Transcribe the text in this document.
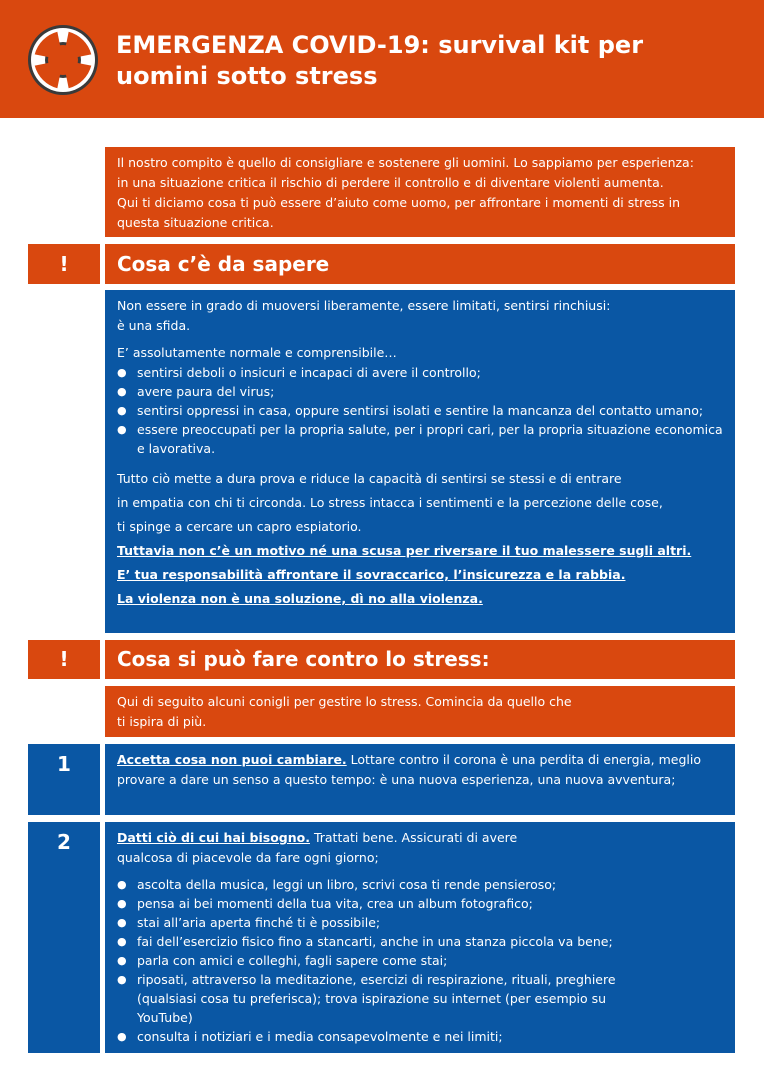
EMERGENZA COVID-19: survival kit per uomini sotto stress

Il nostro compito è quello di consigliare e sostenere gli uomini. Lo sappiamo per esperienza:

in una situazione critica il rischio di perdere il controllo e di diventare violenti aumenta.

Qui ti diciamo cosa ti può essere d’aiuto come uomo, per affrontare i momenti di stress in

questa situazione critica.

!	Cosa c’è da sapere

Non essere in grado di muoversi liberamente, essere limitati, sentirsi rinchiusi:

è una sfida.

E’ assolutamente normale e comprensibile…

● sentirsi deboli o insicuri e incapaci di avere il controllo;
● avere paura del virus;
● sentirsi oppressi in casa, oppure sentirsi isolati e sentire la mancanza del contatto umano;
● essere preoccupati per la propria salute, per i propri cari, per la propria situazione economica e lavorativa.

Tutto ciò mette a dura prova e riduce la capacità di sentirsi se stessi e di entrare

in empatia con chi ti circonda. Lo stress intacca i sentimenti e la percezione delle cose,

ti spinge a cercare un capro espiatorio.

Tuttavia non c’è un motivo né una scusa per riversare il tuo malessere sugli altri.

E’ tua responsabilità affrontare il sovraccarico, l’insicurezza e la rabbia.

La violenza non è una soluzione, dì no alla violenza.

!	Cosa si può fare contro lo stress:

Qui di seguito alcuni conigli per gestire lo stress. Comincia da quello che

ti ispira di più.

1	Accetta cosa non puoi cambiare. Lottare contro il corona è una perdita di energia, meglio provare a dare un senso a questo tempo: è una nuova esperienza, una nuova avventura;

2	Datti ciò di cui hai bisogno. Trattati bene. Assicurati di avere qualcosa di piacevole da fare ogni giorno;

● ascolta della musica, leggi un libro, scrivi cosa ti rende pensieroso;
● pensa ai bei momenti della tua vita, crea un album fotografico;
● stai all’aria aperta finché ti è possibile;
● fai dell’esercizio fisico fino a stancarti, anche in una stanza piccola va bene;
● parla con amici e colleghi, fagli sapere come stai;
● riposati, attraverso la meditazione, esercizi di respirazione, rituali, preghiere (qualsiasi cosa tu preferisca); trova ispirazione su internet (per esempio su YouTube)
● consulta i notiziari e i media consapevolmente e nei limiti;
